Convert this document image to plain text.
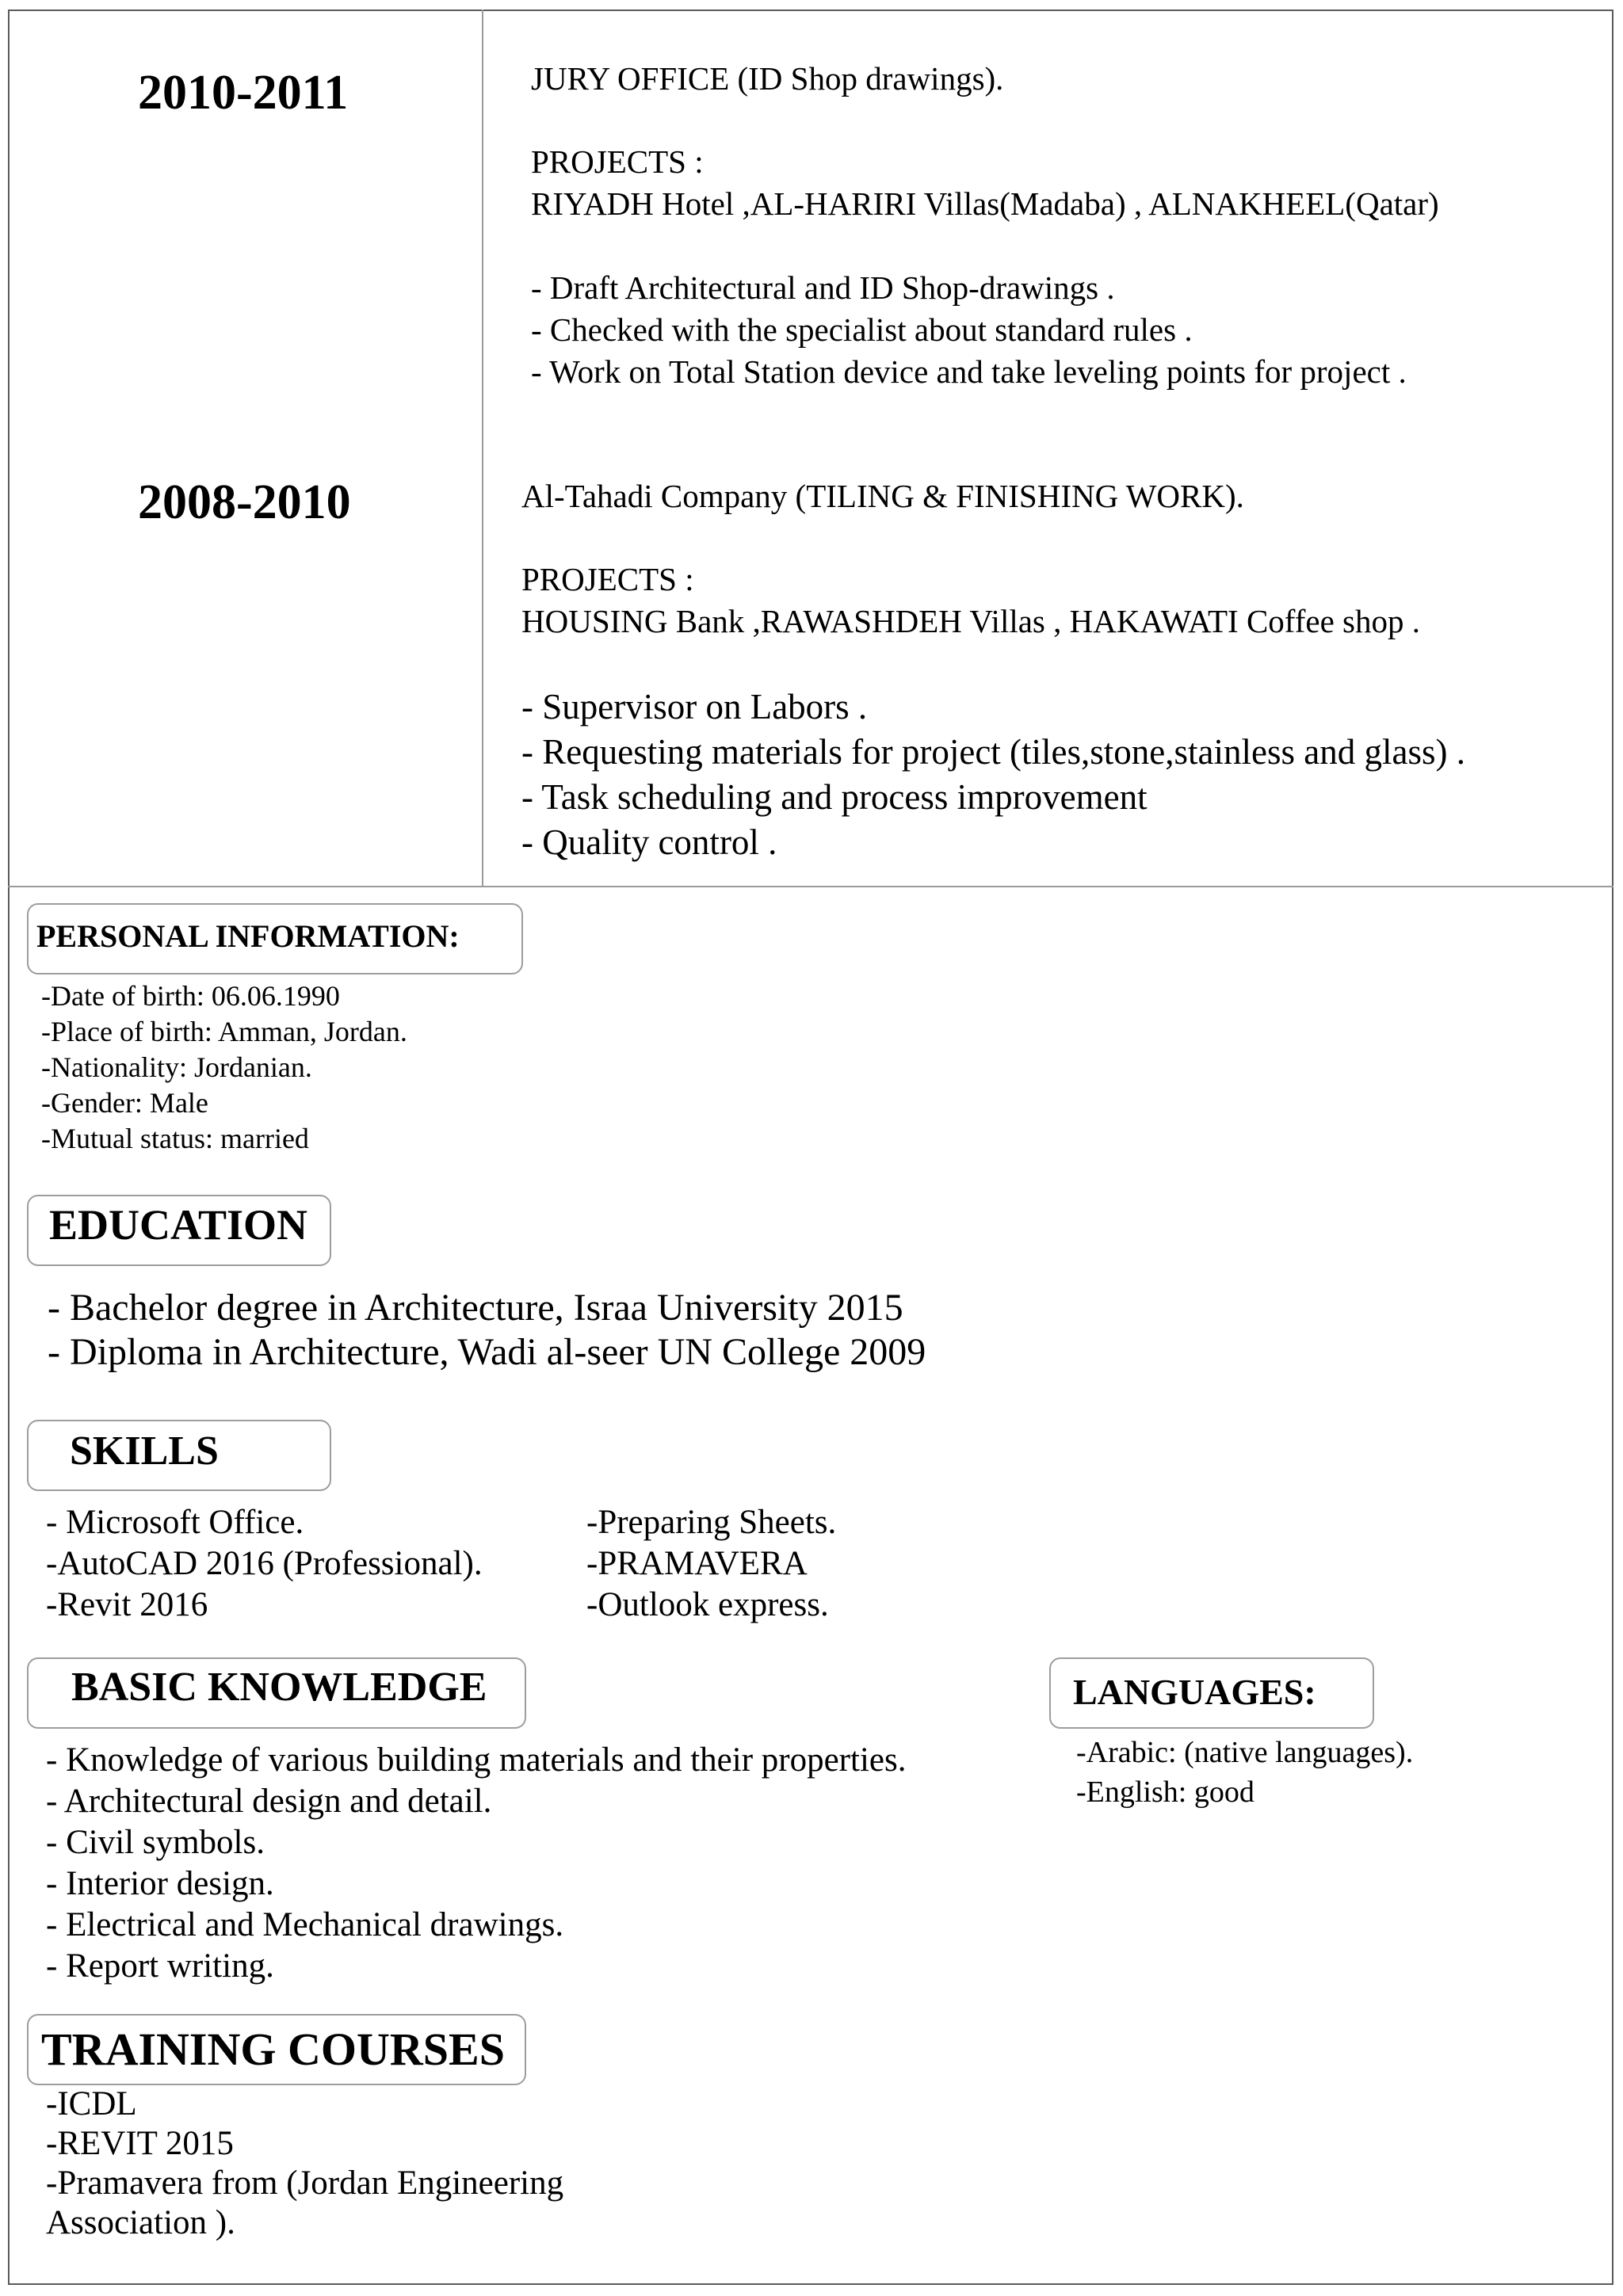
2010-2011	JURY OFFICE (ID Shop drawings).
PROJECTS :
RIYADH Hotel ,AL-HARIRI Villas(Madaba) , ALNAKHEEL(Qatar)
- Draft Architectural and ID Shop-drawings .
- Checked with the specialist about standard rules .
- Work on Total Station device and take leveling points for project .
2008-2010	Al-Tahadi Company (TILING & FINISHING WORK).
PROJECTS :
HOUSING Bank ,RAWASHDEH Villas , HAKAWATI Coffee shop .
- Supervisor on Labors .
- Requesting materials for project (tiles,stone,stainless and glass) .
- Task scheduling and process improvement
- Quality control .
PERSONAL INFORMATION:
-Date of birth: 06.06.1990
-Place of birth: Amman, Jordan.
-Nationality: Jordanian.
-Gender: Male
-Mutual status: married
EDUCATION
- Bachelor degree in Architecture, Israa University 2015
- Diploma in Architecture, Wadi al-seer UN College 2009
SKILLS
- Microsoft Office.
-AutoCAD 2016 (Professional).
-Revit 2016
-Preparing Sheets.
-PRAMAVERA
-Outlook express.
BASIC KNOWLEDGE
- Knowledge of various building materials and their properties.
- Architectural design and detail.
- Civil symbols.
- Interior design.
- Electrical and Mechanical drawings.
- Report writing.
LANGUAGES:
-Arabic: (native languages).
-English: good
TRAINING COURSES
-ICDL
-REVIT 2015
-Pramavera from (Jordan Engineering
Association ).
